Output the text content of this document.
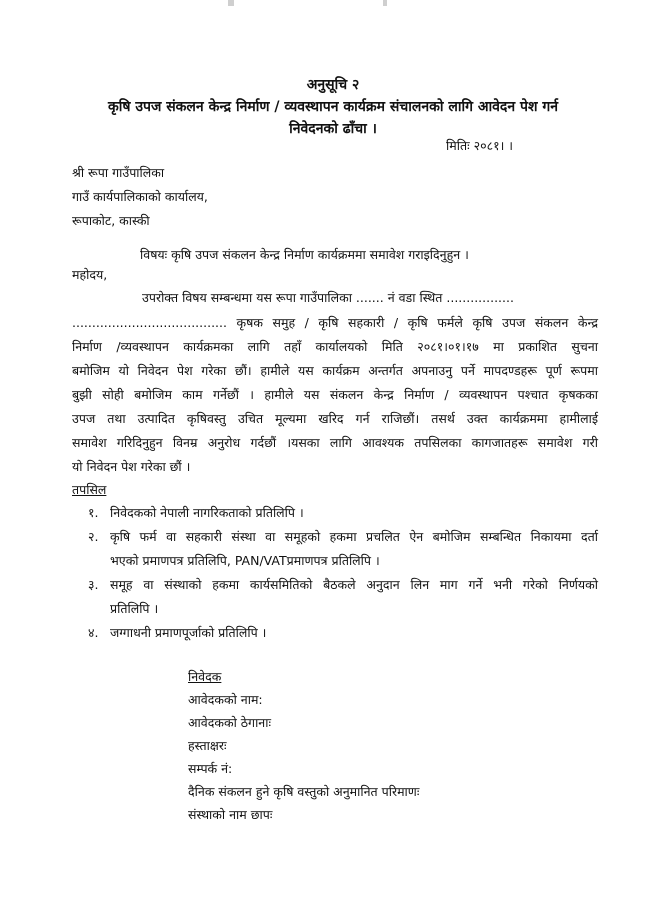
अनुसूचि २
कृषि उपज संकलन केन्द्र निर्माण / व्यवस्थापन कार्यक्रम संचालनको लागि आवेदन पेश गर्न
निवेदनको ढाँचा ।
मितिः २०८१। ।
श्री रूपा गाउँपालिका
गाउँ कार्यपालिकाको कार्यालय,
रूपाकोट, कास्की
विषयः कृषि उपज संकलन केन्द्र निर्माण कार्यक्रममा समावेश गराइदिनुहुन ।
महोदय,
उपरोक्त विषय सम्बन्धमा यस रूपा गाउँपालिका ....... नं वडा स्थित .................
....................................... कृषक समुह / कृषि सहकारी / कृषि फर्मले कृषि उपज संकलन केन्द्र
निर्माण /व्यवस्थापन कार्यक्रमका लागि तहाँ कार्यालयको मिति २०८१।०१।१७ मा प्रकाशित सुचना
बमोजिम यो निवेदन पेश गरेका छौं। हामीले यस कार्यक्रम अन्तर्गत अपनाउनु पर्ने मापदण्डहरू पूर्ण रूपमा
बुझी सोही बमोजिम काम गर्नेछौं । हामीले यस संकलन केन्द्र निर्माण / व्यवस्थापन पश्चात कृषकका
उपज तथा उत्पादित कृषिवस्तु उचित मूल्यमा खरिद गर्न राजिछौं। तसर्थ उक्त कार्यक्रममा हामीलाई
समावेश गरिदिनुहुन विनम्र अनुरोध गर्दछौं ।यसका लागि आवश्यक तपसिलका कागजातहरू समावेश गरी
यो निवेदन पेश गरेका छौं ।
तपसिल
१. निवेदकको नेपाली नागरिकताको प्रतिलिपि ।
२. कृषि फर्म वा सहकारी संस्था वा समूहको हकमा प्रचलित ऐन बमोजिम सम्बन्धित निकायमा दर्ता
भएको प्रमाणपत्र प्रतिलिपि, PAN/VATप्रमाणपत्र प्रतिलिपि ।
३. समूह वा संस्थाको हकमा कार्यसमितिको बैठकले अनुदान लिन माग गर्ने भनी गरेको निर्णयको
प्रतिलिपि ।
४. जग्गाधनी प्रमाणपूर्जाको प्रतिलिपि ।
निवेदक
आवेदकको नाम:
आवेदकको ठेगानाः
हस्ताक्षरः
सम्पर्क नं:
दैनिक संकलन हुने कृषि वस्तुको अनुमानित परिमाणः
संस्थाको नाम छापः
